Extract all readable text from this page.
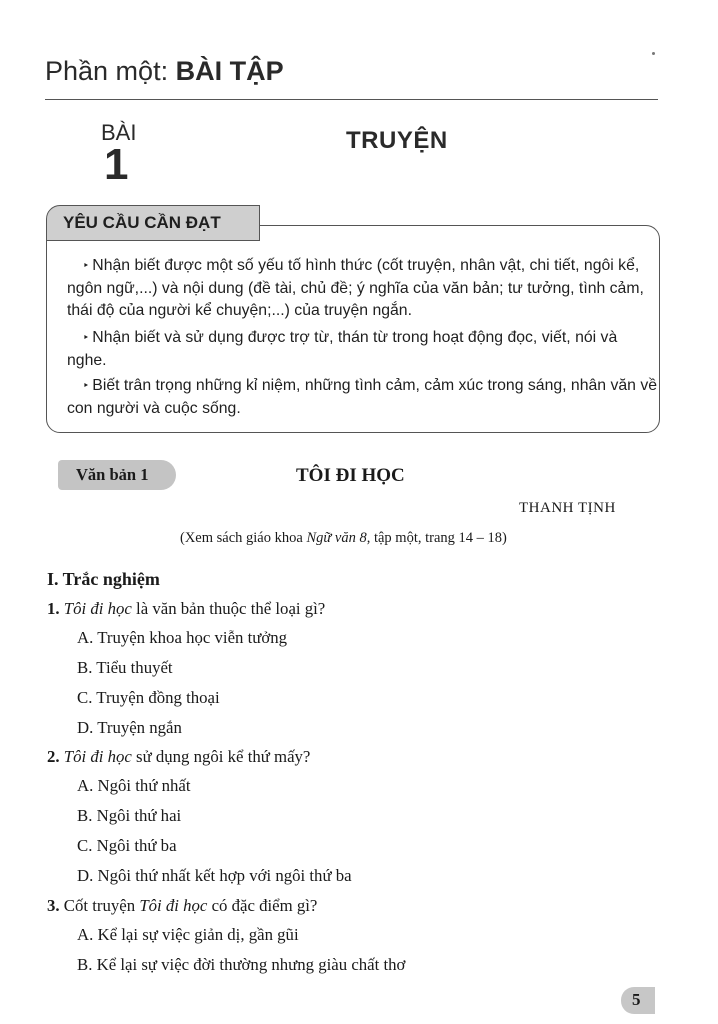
Phần một: BÀI TẬP
BÀI
1	TRUYỆN
YÊU CẦU CẦN ĐẠT
 ‣ Nhận biết được một số yếu tố hình thức (cốt truyện, nhân vật, chi tiết, ngôi kể, ngôn ngữ,...) và nội dung (đề tài, chủ đề; ý nghĩa của văn bản; tư tưởng, tình cảm, thái độ của người kể chuyện;...) của truyện ngắn.
 ‣ Nhận biết và sử dụng được trợ từ, thán từ trong hoạt động đọc, viết, nói và nghe.
 ‣ Biết trân trọng những kỉ niệm, những tình cảm, cảm xúc trong sáng, nhân văn về con người và cuộc sống.
Văn bản 1	TÔI ĐI HỌC
THANH TỊNH
(Xem sách giáo khoa Ngữ văn 8, tập một, trang 14 – 18)
I. Trắc nghiệm
1. Tôi đi học là văn bản thuộc thể loại gì?
A. Truyện khoa học viễn tưởng
B. Tiểu thuyết
C. Truyện đồng thoại
D. Truyện ngắn
2. Tôi đi học sử dụng ngôi kể thứ mấy?
A. Ngôi thứ nhất
B. Ngôi thứ hai
C. Ngôi thứ ba
D. Ngôi thứ nhất kết hợp với ngôi thứ ba
3. Cốt truyện Tôi đi học có đặc điểm gì?
A. Kể lại sự việc giản dị, gần gũi
B. Kể lại sự việc đời thường nhưng giàu chất thơ
5
